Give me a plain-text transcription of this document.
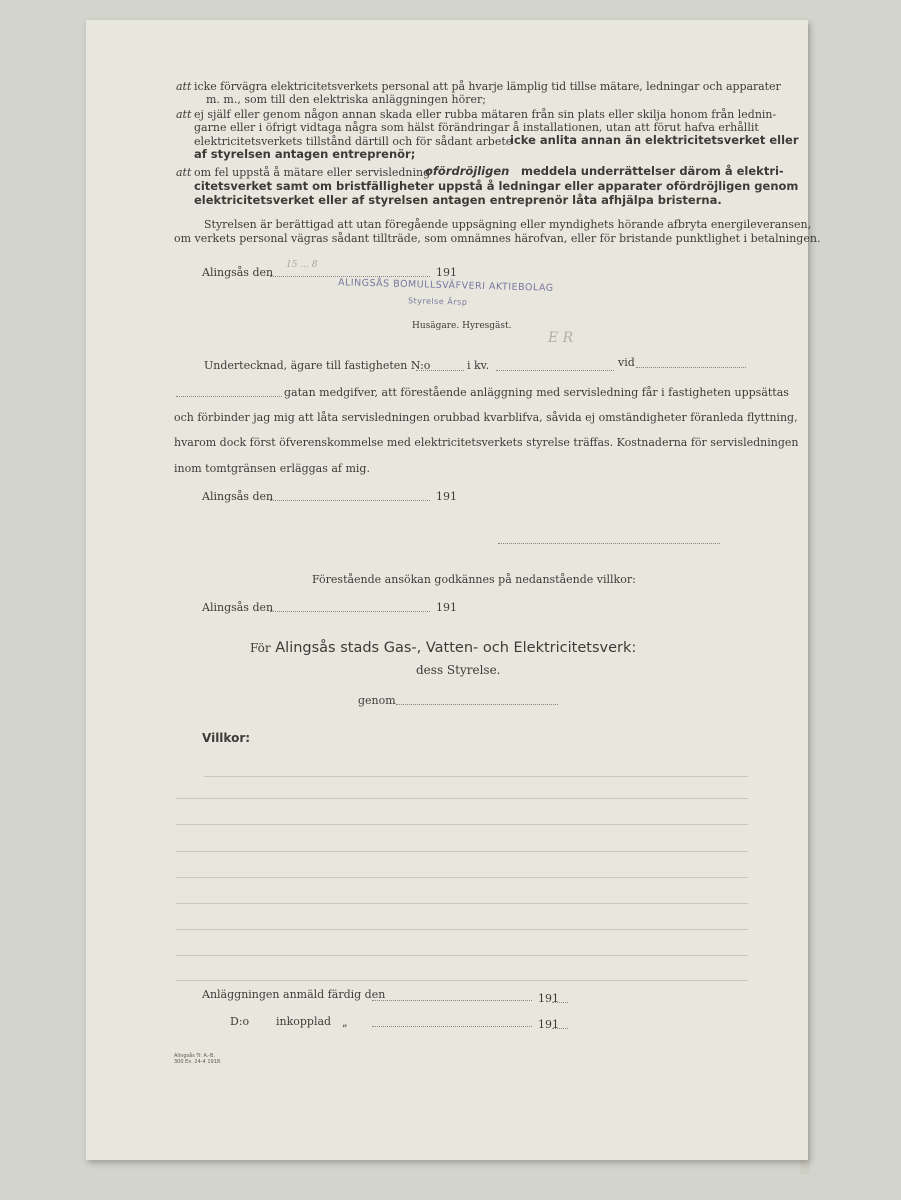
att icke förvägra elektricitetsverkets personal att på hvarje lämplig tid tillse mätare, ledningar och apparater
m. m., som till den elektriska anläggningen hörer;
att ej själf eller genom någon annan skada eller rubba mätaren från sin plats eller skilja honom från lednin-
garne eller i öfrigt vidtaga några som hälst förändringar å installationen, utan att förut hafva erhållit
elektricitetsverkets tillstånd därtill och för sådant arbete
icke anlita annan än elektricitetsverket eller
af styrelsen antagen entreprenör;
att om fel uppstå å mätare eller servisledning
ofördröjligen meddela underrättelser därom å elektri-
citetsverket samt om bristfälligheter uppstå å ledningar eller apparater ofördröjligen genom
elektricitetsverket eller af styrelsen antagen entreprenör låta afhjälpa bristerna.
Styrelsen är berättigad att utan föregående uppsägning eller myndighets hörande afbryta energileveransen,
om verkets personal vägras sådant tillträde, som omnämnes härofvan, eller för bristande punktlighet i betalningen.
Alingsås den
15 ... 8
191
ALINGSÅS BOMULLSVÄFVERI AKTIEBOLAG
Styrelse Ärsp
E R
Husägare. Hyresgäst.
Undertecknad, ägare till fastigheten N:o	i kv.	vid
gatan medgifver, att förestående anläggning med servisledning får i fastigheten uppsättas
och förbinder jag mig att låta servisledningen orubbad kvarblifva, såvida ej omständigheter föranleda flyttning,
hvarom dock först öfverenskommelse med elektricitetsverkets styrelse träffas. Kostnaderna för servisledningen
inom tomtgränsen erläggas af mig.
Alingsås den	191
Förestående ansökan godkännes på nedanstående villkor:
Alingsås den	191
För Alingsås stads Gas-, Vatten- och Elektricitetsverk:
dess Styrelse.
genom
Villkor:
Anläggningen anmäld färdig den	191
D:o inkopplad „	191
Alingsås Tr. A.-B.
300 Ex. 24-4 1918.
